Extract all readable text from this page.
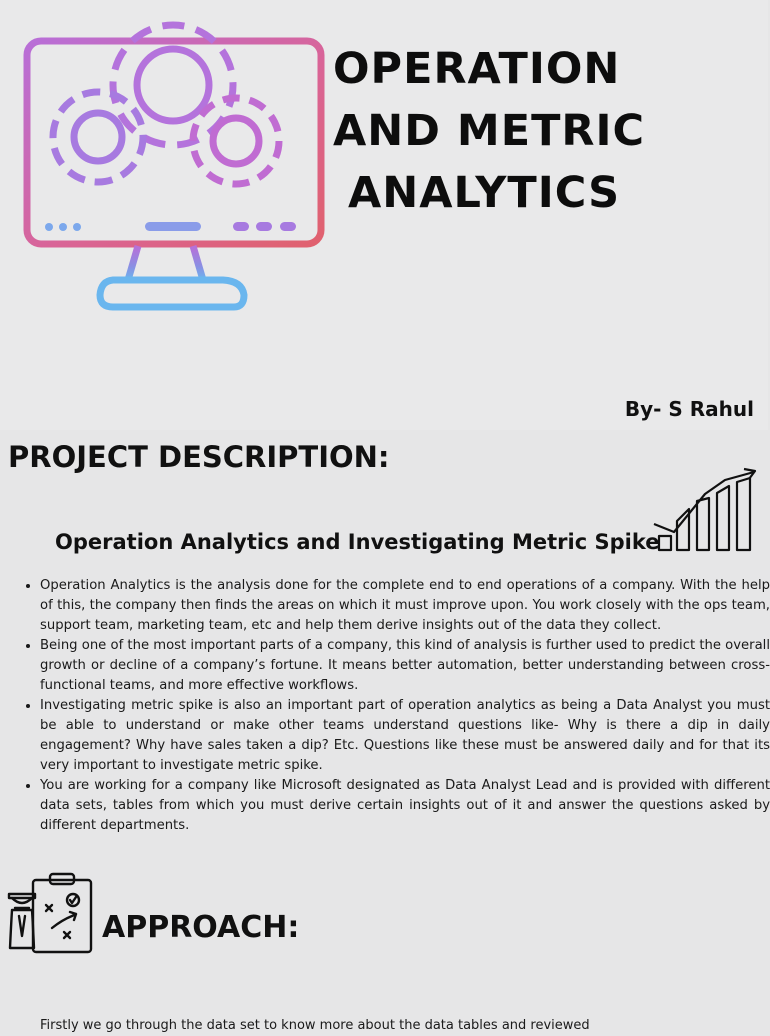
OPERATION
AND METRIC
ANALYTICS
By- S Rahul
PROJECT DESCRIPTION:
Operation Analytics and Investigating Metric Spike
• Operation Analytics is the analysis done for the complete end to end operations of a company. With the help of this, the company then finds the areas on which it must improve upon. You work closely with the ops team, support team, marketing team, etc and help them derive insights out of the data they collect.
• Being one of the most important parts of a company, this kind of analysis is further used to predict the overall growth or decline of a company’s fortune. It means better automation, better understanding between cross-functional teams, and more effective workflows.
• Investigating metric spike is also an important part of operation analytics as being a Data Analyst you must be able to understand or make other teams understand questions like- Why is there a dip in daily engagement? Why have sales taken a dip? Etc. Questions like these must be answered daily and for that its very important to investigate metric spike.
• You are working for a company like Microsoft designated as Data Analyst Lead and is provided with different data sets, tables from which you must derive certain insights out of it and answer the questions asked by different departments.
APPROACH:
Firstly we go through the data set to know more about the data tables and reviewed
